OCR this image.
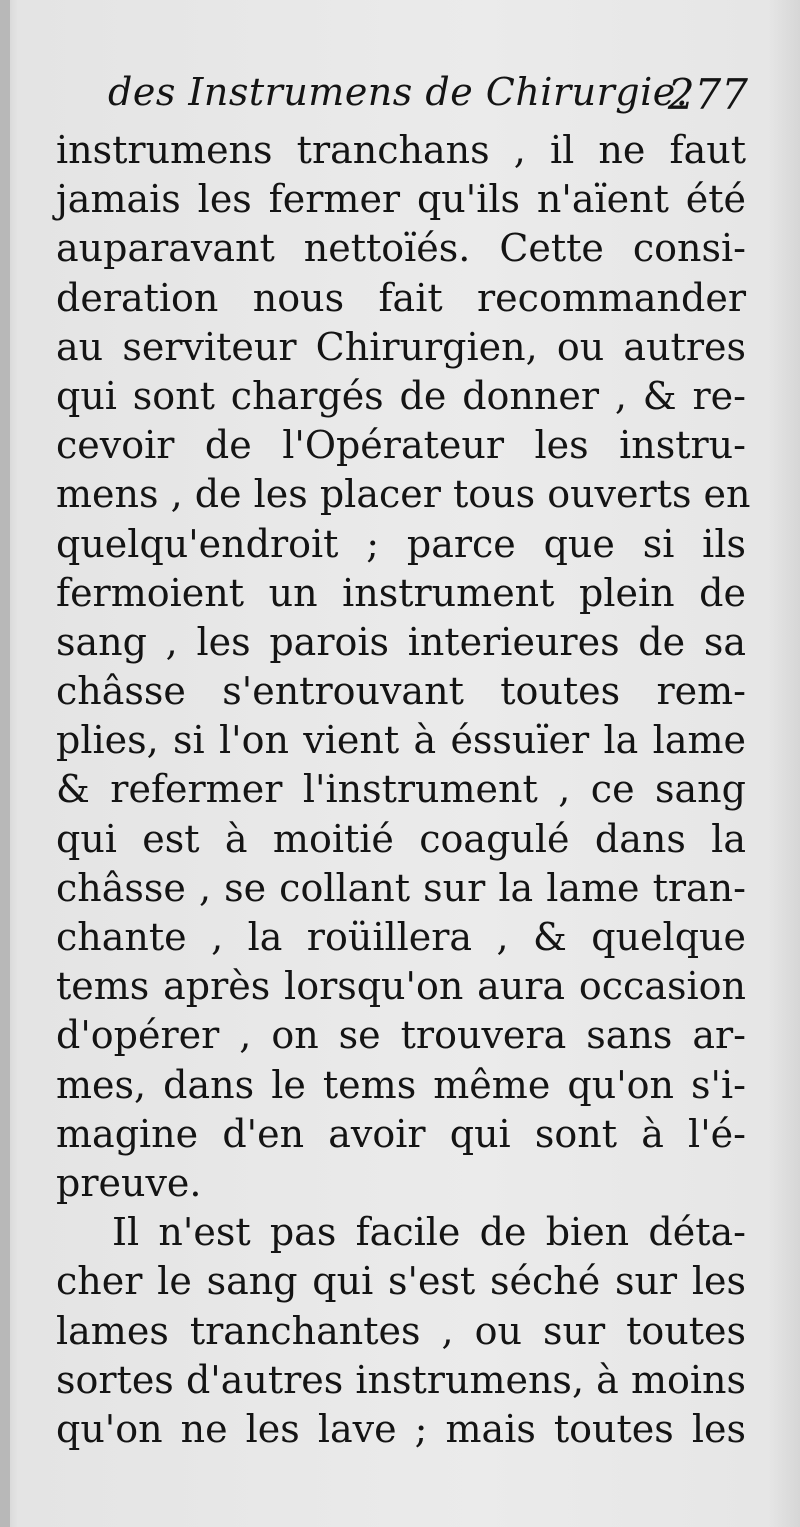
des Instrumens de Chirurgie.
277
instrumens tranchans , il ne faut
jamais les fermer qu'ils n'aïent été
auparavant nettoïés. Cette consi-
deration nous fait recommander
au serviteur Chirurgien, ou autres
qui sont chargés de donner , & re-
cevoir de l'Opérateur les instru-
mens , de les placer tous ouverts en
quelqu'endroit ; parce que si ils
fermoient un instrument plein de
sang , les parois interieures de sa
châsse s'entrouvant toutes rem-
plies, si l'on vient à éssuïer la lame
& refermer l'instrument , ce sang
qui est à moitié coagulé dans la
châsse , se collant sur la lame tran-
chante , la roüillera , & quelque
tems après lorsqu'on aura occasion
d'opérer , on se trouvera sans ar-
mes, dans le tems même qu'on s'i-
magine d'en avoir qui sont à l'é-
preuve.
Il n'est pas facile de bien déta-
cher le sang qui s'est séché sur les
lames tranchantes , ou sur toutes
sortes d'autres instrumens, à moins
qu'on ne les lave ; mais toutes les
